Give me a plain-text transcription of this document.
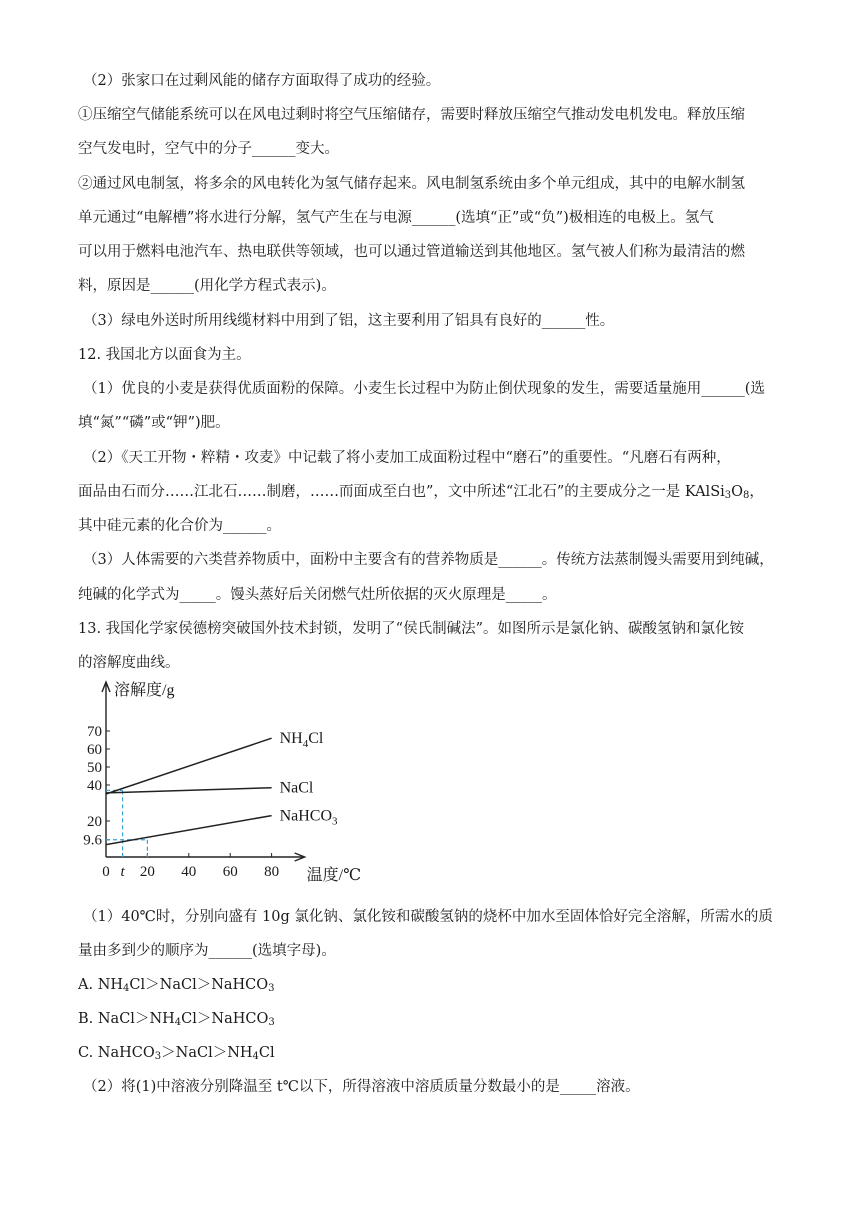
（2）张家口在过剩风能的储存方面取得了成功的经验。

①压缩空气储能系统可以在风电过剩时将空气压缩储存，需要时释放压缩空气推动发电机发电。释放压缩

空气发电时，空气中的分子______变大。

②通过风电制氢，将多余的风电转化为氢气储存起来。风电制氢系统由多个单元组成，其中的电解水制氢

单元通过“电解槽”将水进行分解，氢气产生在与电源______(选填“正”或“负”)极相连的电极上。氢气

可以用于燃料电池汽车、热电联供等领域，也可以通过管道输送到其他地区。氢气被人们称为最清洁的燃

料，原因是______(用化学方程式表示)。

（3）绿电外送时所用线缆材料中用到了铝，这主要利用了铝具有良好的______性。

12. 我国北方以面食为主。

（1）优良的小麦是获得优质面粉的保障。小麦生长过程中为防止倒伏现象的发生，需要适量施用______(选

填“氮”“磷”或“钾”)肥。

（2）《天工开物・粹精・攻麦》中记载了将小麦加工成面粉过程中“磨石”的重要性。“凡磨石有两种，

面品由石而分……江北石……制磨，……而面成至白也”，文中所述“江北石”的主要成分之一是 $KAlSi_3O_8$，

其中硅元素的化合价为______。

（3）人体需要的六类营养物质中，面粉中主要含有的营养物质是______。传统方法蒸制馒头需要用到纯碱，

纯碱的化学式为_____。馒头蒸好后关闭燃气灶所依据的灭火原理是_____。

13. 我国化学家侯德榜突破国外技术封锁，发明了“侯氏制碱法”。如图所示是氯化钠、碳酸氢钠和氯化铵

的溶解度曲线。

70
60
50
40
20
9.6
0 t 20 40 60 80
溶解度/g
温度/℃
$NH_4Cl$
NaCl
NaHCO$_3$

（1）40℃时，分别向盛有 10g 氯化钠、氯化铵和碳酸氢钠的烧杯中加水至固体恰好完全溶解，所需水的质

量由多到少的顺序为______(选填字母)。

A. $NH_4Cl>NaCl>NaHCO_3$

B. $NaCl>NH_4Cl>NaHCO_3$

C. $NaHCO_3>NaCl>NH_4Cl$

（2）将(1)中溶液分别降温至 t℃以下，所得溶液中溶质质量分数最小的是_____溶液。
